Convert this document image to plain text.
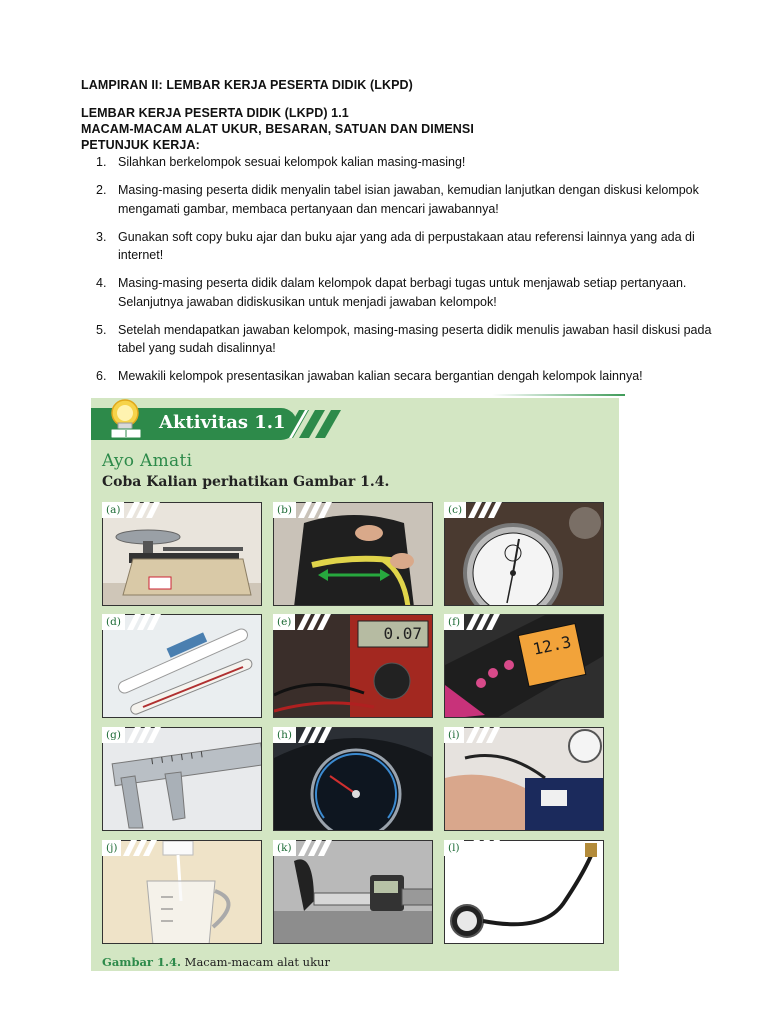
LAMPIRAN II: LEMBAR KERJA PESERTA DIDIK (LKPD)
LEMBAR KERJA PESERTA DIDIK (LKPD) 1.1
MACAM-MACAM ALAT UKUR, BESARAN, SATUAN DAN DIMENSI
PETUNJUK KERJA:
1. Silahkan berkelompok sesuai kelompok kalian masing-masing!
2. Masing-masing peserta didik menyalin tabel isian jawaban, kemudian lanjutkan dengan diskusi kelompok mengamati gambar, membaca pertanyaan dan mencari jawabannya!
3. Gunakan soft copy buku ajar dan buku ajar yang ada di perpustakaan atau referensi lainnya yang ada di internet!
4. Masing-masing peserta didik dalam kelompok dapat berbagi tugas untuk menjawab setiap pertanyaan. Selanjutnya jawaban didiskusikan untuk menjadi jawaban kelompok!
5. Setelah mendapatkan jawaban kelompok, masing-masing peserta didik menulis jawaban hasil diskusi pada tabel yang sudah disalinnya!
6. Mewakili kelompok presentasikan jawaban kalian secara bergantian dengah kelompok lainnya!
Aktivitas 1.1
Ayo Amati
Coba Kalian perhatikan Gambar 1.4.
(a)	(b)	(c)
(d)	(e)	(f)
(g)	(h)	(i)
(j)	(k)	(l)
0.07	12.3
Gambar 1.4. Macam-macam alat ukur
